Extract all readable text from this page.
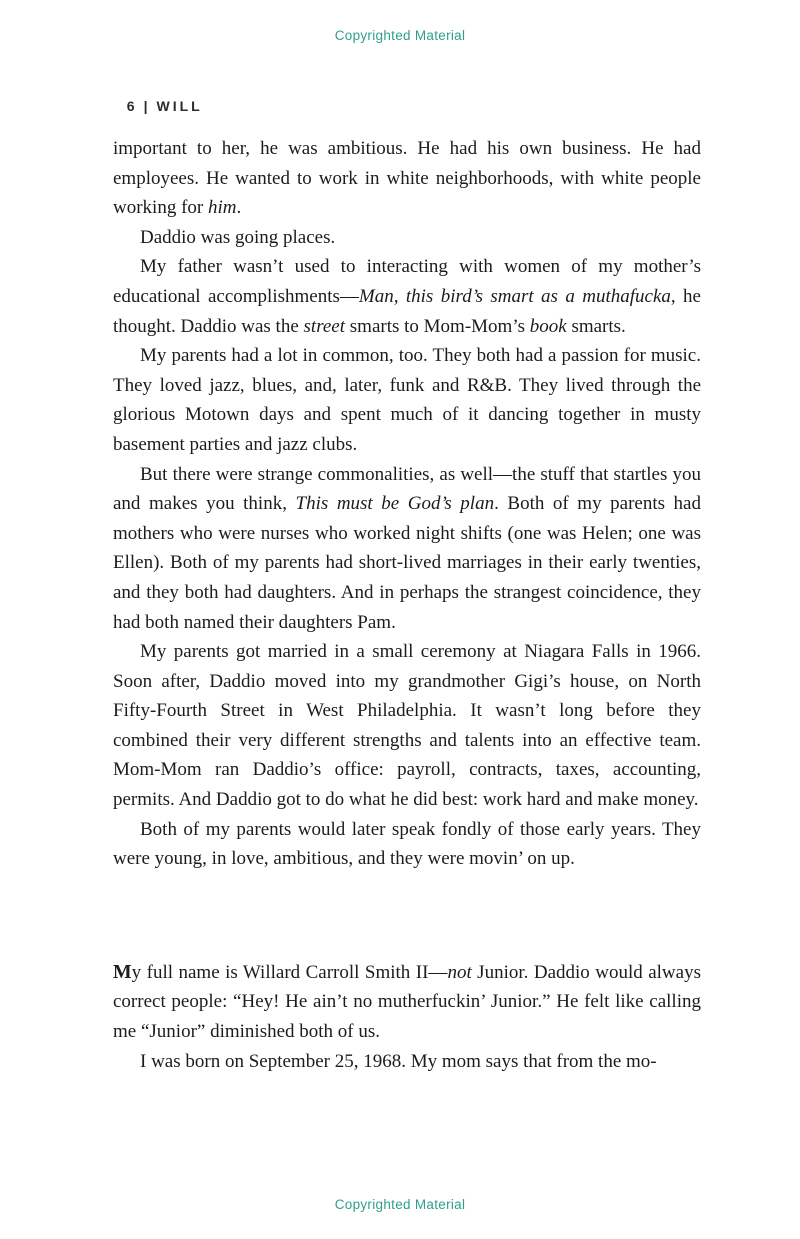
Copyrighted Material

6 | WILL

important to her, he was ambitious. He had his own business. He had employees. He wanted to work in white neighborhoods, with white people working for him.

Daddio was going places.

My father wasn’t used to interacting with women of my mother’s educational accomplishments—Man, this bird’s smart as a muthafucka, he thought. Daddio was the street smarts to Mom-Mom’s book smarts.

My parents had a lot in common, too. They both had a passion for music. They loved jazz, blues, and, later, funk and R&B. They lived through the glorious Motown days and spent much of it dancing together in musty basement parties and jazz clubs.

But there were strange commonalities, as well—the stuff that startles you and makes you think, This must be God’s plan. Both of my parents had mothers who were nurses who worked night shifts (one was Helen; one was Ellen). Both of my parents had short-lived marriages in their early twenties, and they both had daughters. And in perhaps the strangest coincidence, they had both named their daughters Pam.

My parents got married in a small ceremony at Niagara Falls in 1966. Soon after, Daddio moved into my grandmother Gigi’s house, on North Fifty-Fourth Street in West Philadelphia. It wasn’t long before they combined their very different strengths and talents into an effective team. Mom-Mom ran Daddio’s office: payroll, contracts, taxes, accounting, permits. And Daddio got to do what he did best: work hard and make money.

Both of my parents would later speak fondly of those early years. They were young, in love, ambitious, and they were movin’ on up.

My full name is Willard Carroll Smith II—not Junior. Daddio would always correct people: “Hey! He ain’t no mutherfuckin’ Junior.” He felt like calling me “Junior” diminished both of us.

I was born on September 25, 1968. My mom says that from the mo-

Copyrighted Material
